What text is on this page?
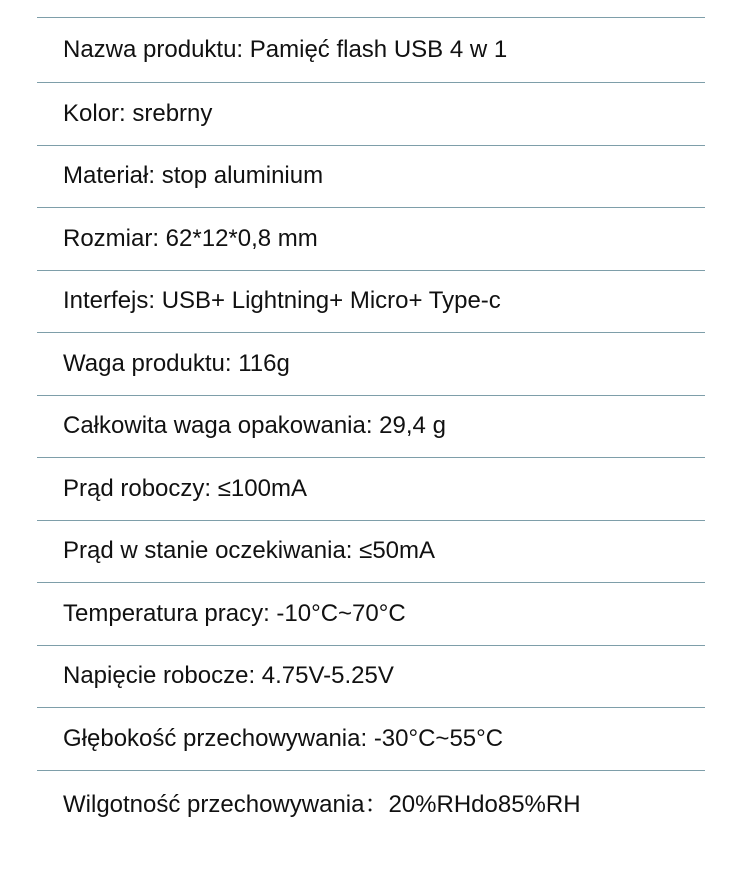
Nazwa produktu: Pamięć flash USB 4 w 1
Kolor: srebrny
Materiał: stop aluminium
Rozmiar: 62*12*0,8 mm
Interfejs: USB+ Lightning+ Micro+ Type-c
Waga produktu: 116g
Całkowita waga opakowania: 29,4 g
Prąd roboczy: ≤100mA
Prąd w stanie oczekiwania: ≤50mA
Temperatura pracy: -10°C~70°C
Napięcie robocze: 4.75V-5.25V
Głębokość przechowywania: -30°C~55°C
Wilgotność przechowywania：20%RHdo85%RH
